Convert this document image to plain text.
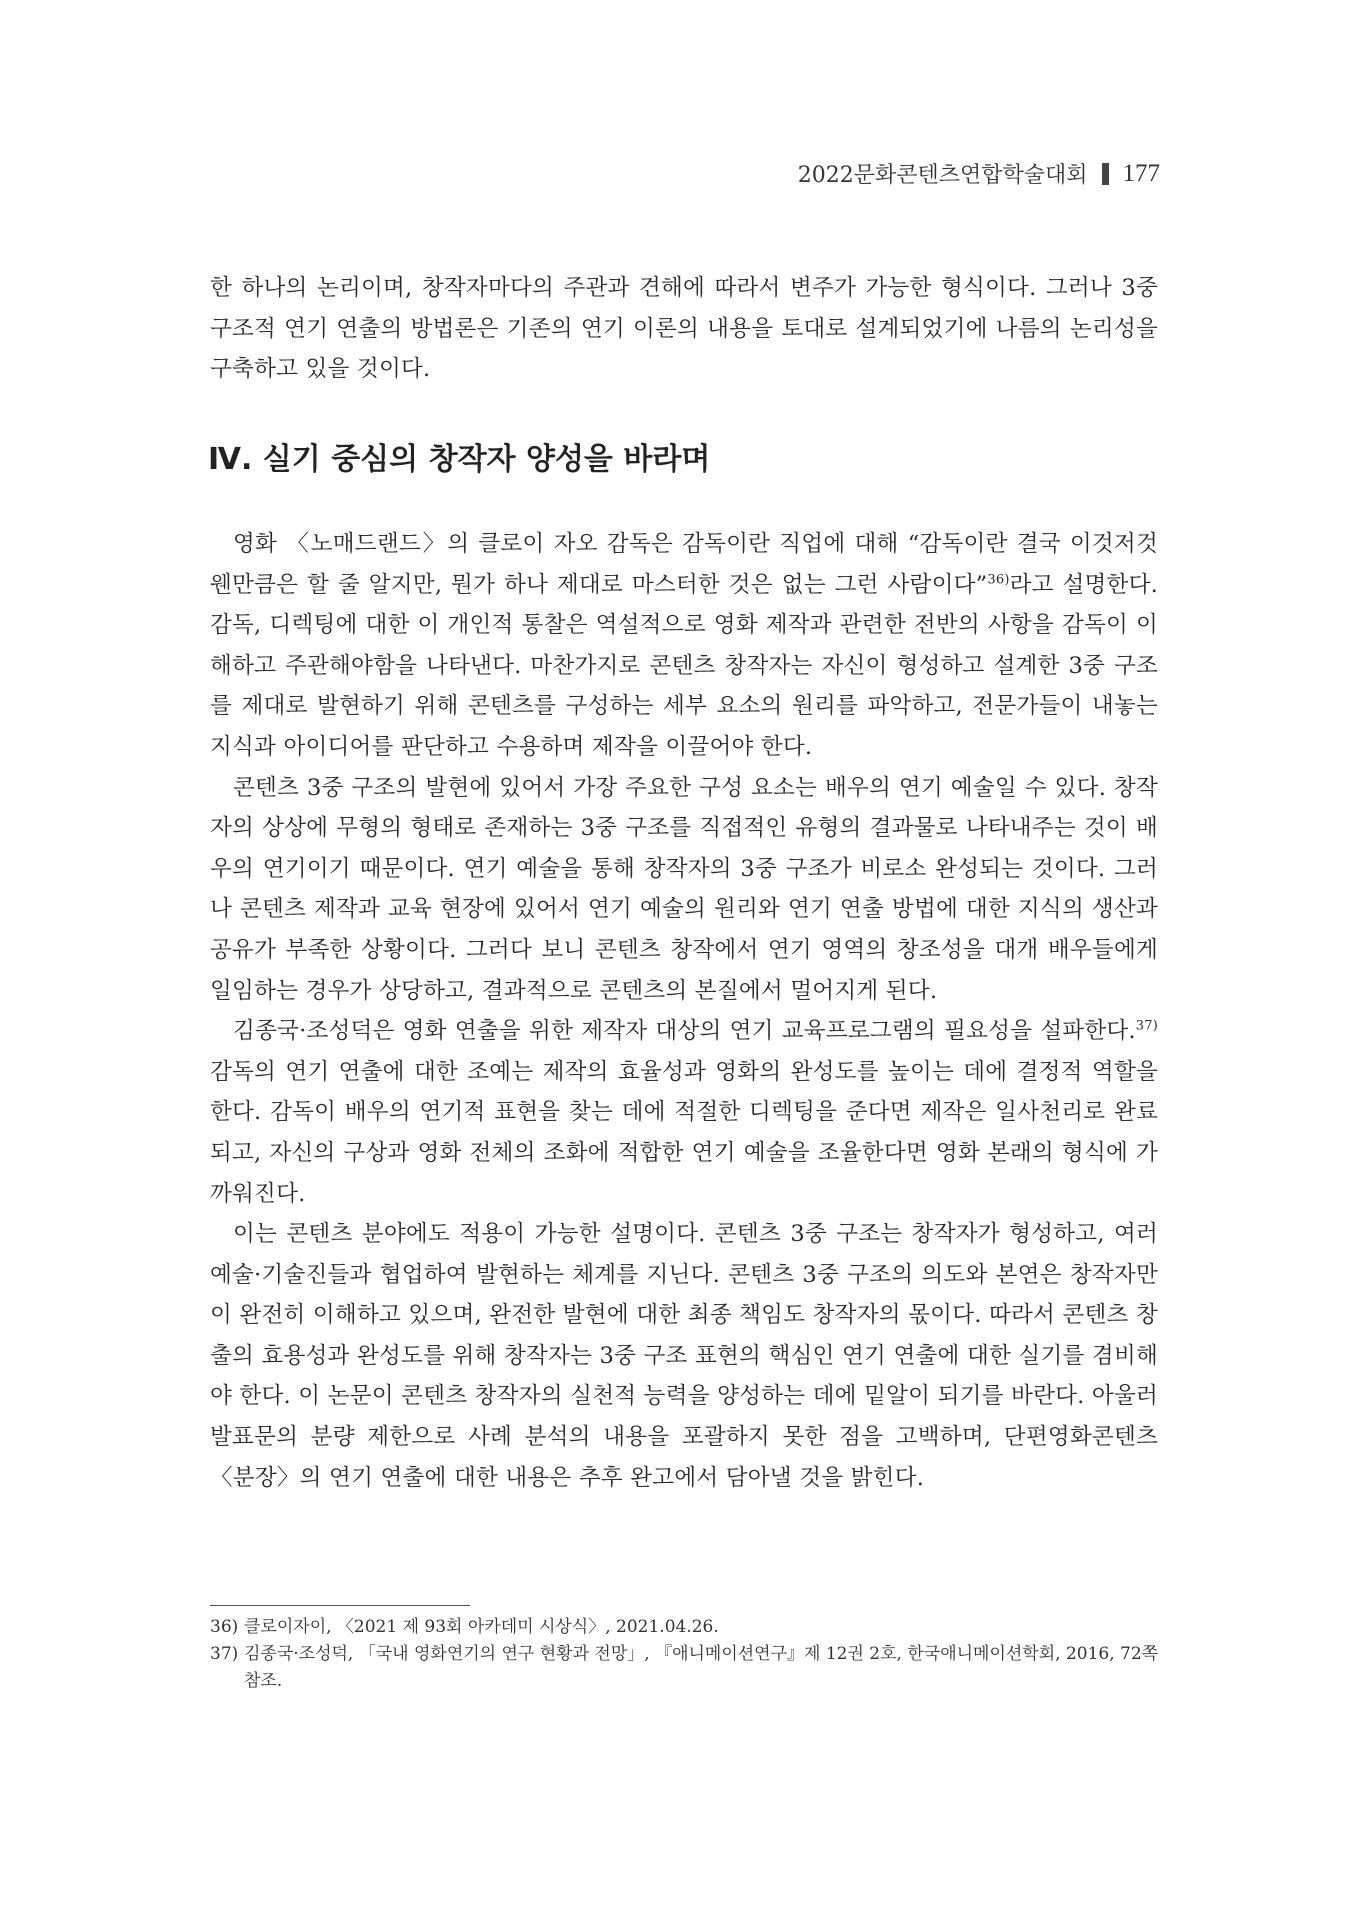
2022문화콘텐츠연합학술대회 177

한 하나의 논리이며, 창작자마다의 주관과 견해에 따라서 변주가 가능한 형식이다. 그러나 3중 구조적 연기 연출의 방법론은 기존의 연기 이론의 내용을 토대로 설계되었기에 나름의 논리성을 구축하고 있을 것이다.

Ⅳ. 실기 중심의 창작자 양성을 바라며

영화 〈노매드랜드〉의 클로이 자오 감독은 감독이란 직업에 대해 “감독이란 결국 이것저것 웬만큼은 할 줄 알지만, 뭔가 하나 제대로 마스터한 것은 없는 그런 사람이다”$^{36)}$라고 설명한다. 감독, 디렉팅에 대한 이 개인적 통찰은 역설적으로 영화 제작과 관련한 전반의 사항을 감독이 이해하고 주관해야함을 나타낸다. 마찬가지로 콘텐츠 창작자는 자신이 형성하고 설계한 3중 구조를 제대로 발현하기 위해 콘텐츠를 구성하는 세부 요소의 원리를 파악하고, 전문가들이 내놓는 지식과 아이디어를 판단하고 수용하며 제작을 이끌어야 한다.

콘텐츠 3중 구조의 발현에 있어서 가장 주요한 구성 요소는 배우의 연기 예술일 수 있다. 창작자의 상상에 무형의 형태로 존재하는 3중 구조를 직접적인 유형의 결과물로 나타내주는 것이 배우의 연기이기 때문이다. 연기 예술을 통해 창작자의 3중 구조가 비로소 완성되는 것이다. 그러나 콘텐츠 제작과 교육 현장에 있어서 연기 예술의 원리와 연기 연출 방법에 대한 지식의 생산과 공유가 부족한 상황이다. 그러다 보니 콘텐츠 창작에서 연기 영역의 창조성을 대개 배우들에게 일임하는 경우가 상당하고, 결과적으로 콘텐츠의 본질에서 멀어지게 된다.

김종국·조성덕은 영화 연출을 위한 제작자 대상의 연기 교육프로그램의 필요성을 설파한다.$^{37)}$ 감독의 연기 연출에 대한 조예는 제작의 효율성과 영화의 완성도를 높이는 데에 결정적 역할을 한다. 감독이 배우의 연기적 표현을 찾는 데에 적절한 디렉팅을 준다면 제작은 일사천리로 완료되고, 자신의 구상과 영화 전체의 조화에 적합한 연기 예술을 조율한다면 영화 본래의 형식에 가까워진다.

이는 콘텐츠 분야에도 적용이 가능한 설명이다. 콘텐츠 3중 구조는 창작자가 형성하고, 여러 예술·기술진들과 협업하여 발현하는 체계를 지닌다. 콘텐츠 3중 구조의 의도와 본연은 창작자만이 완전히 이해하고 있으며, 완전한 발현에 대한 최종 책임도 창작자의 몫이다. 따라서 콘텐츠 창출의 효용성과 완성도를 위해 창작자는 3중 구조 표현의 핵심인 연기 연출에 대한 실기를 겸비해야 한다. 이 논문이 콘텐츠 창작자의 실천적 능력을 양성하는 데에 밑알이 되기를 바란다. 아울러 발표문의 분량 제한으로 사례 분석의 내용을 포괄하지 못한 점을 고백하며, 단편영화콘텐츠 〈분장〉의 연기 연출에 대한 내용은 추후 완고에서 담아낼 것을 밝힌다.

36) 클로이자이, 〈2021 제 93회 아카데미 시상식〉, 2021.04.26.

37) 김종국·조성덕, 「국내 영화연기의 연구 현황과 전망」, 『애니메이션연구』제 12권 2호, 한국애니메이션학회, 2016, 72쪽 참조.
